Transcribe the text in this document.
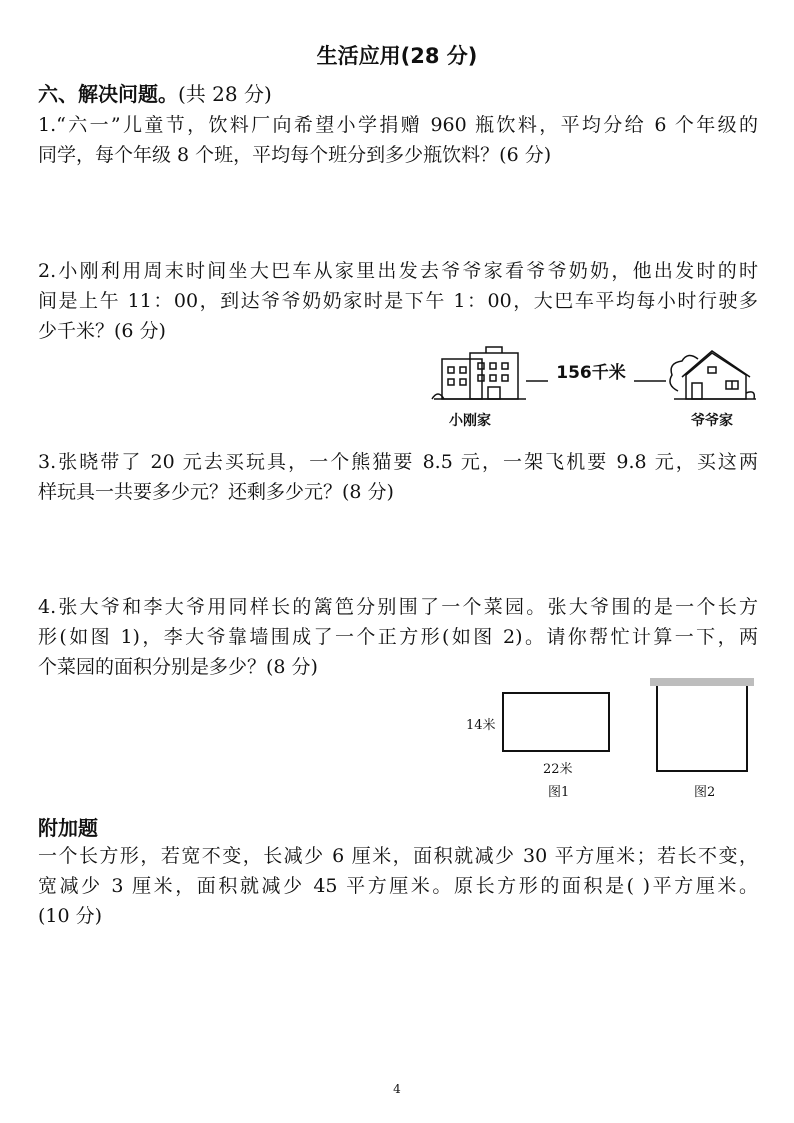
生活应用(28 分)
六、解决问题。(共 28 分)
1.“六一”儿童节，饮料厂向希望小学捐赠 960 瓶饮料，平均分给 6 个年级的
同学，每个年级 8 个班，平均每个班分到多少瓶饮料？(6 分)
2.小刚利用周末时间坐大巴车从家里出发去爷爷家看爷爷奶奶，他出发时的时
间是上午 11：00，到达爷爷奶奶家时是下午 1：00，大巴车平均每小时行驶多
少千米？(6 分)
156千米
小刚家	爷爷家
3.张晓带了 20 元去买玩具，一个熊猫要 8.5 元，一架飞机要 9.8 元，买这两
样玩具一共要多少元？还剩多少元？(8 分)
4.张大爷和李大爷用同样长的篱笆分别围了一个菜园。张大爷围的是一个长方
形(如图 1)，李大爷靠墙围成了一个正方形(如图 2)。请你帮忙计算一下，两
个菜园的面积分别是多少？(8 分)
14米
22米
图1	图2
附加题
一个长方形，若宽不变，长减少 6 厘米，面积就减少 30 平方厘米；若长不变，
宽减少 3 厘米，面积就减少 45 平方厘米。原长方形的面积是( )平方厘米。
(10 分)
4
